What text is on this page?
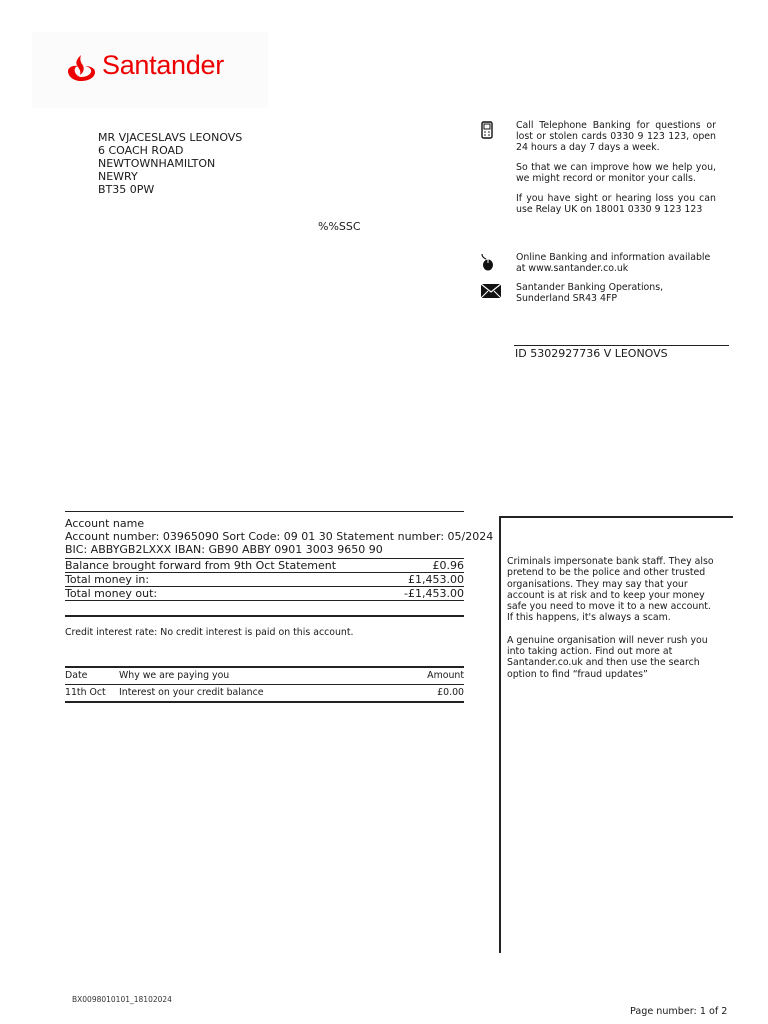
Santander
MR VJACESLAVS LEONOVS
6 COACH ROAD
NEWTOWNHAMILTON
NEWRY
BT35 0PW
%%SSC

Call Telephone Banking for questions or lost or stolen cards 0330 9 123 123, open 24 hours a day 7 days a week.

So that we can improve how we help you, we might record or monitor your calls.

If you have sight or hearing loss you can use Relay UK on 18001 0330 9 123 123

Online Banking and information available at www.santander.co.uk
Santander Banking Operations, Sunderland SR43 4FP
ID 5302927736 V LEONOVS
Account name
Account number: 03965090 Sort Code: 09 01 30 Statement number: 05/2024
BIC: ABBYGB2LXXX IBAN: GB90 ABBY 0901 3003 9650 90
Balance brought forward from 9th Oct Statement	£0.96
Total money in:	£1,453.00
Total money out:	-£1,453.00
Credit interest rate: No credit interest is paid on this account.
Date	Why we are paying you	Amount
11th Oct	Interest on your credit balance	£0.00

Criminals impersonate bank staff. They also pretend to be the police and other trusted organisations. They may say that your account is at risk and to keep your money safe you need to move it to a new account. If this happens, it's always a scam.

A genuine organisation will never rush you into taking action. Find out more at Santander.co.uk and then use the search option to find “fraud updates”

BX0098010101_18102024
Page number: 1 of 2
